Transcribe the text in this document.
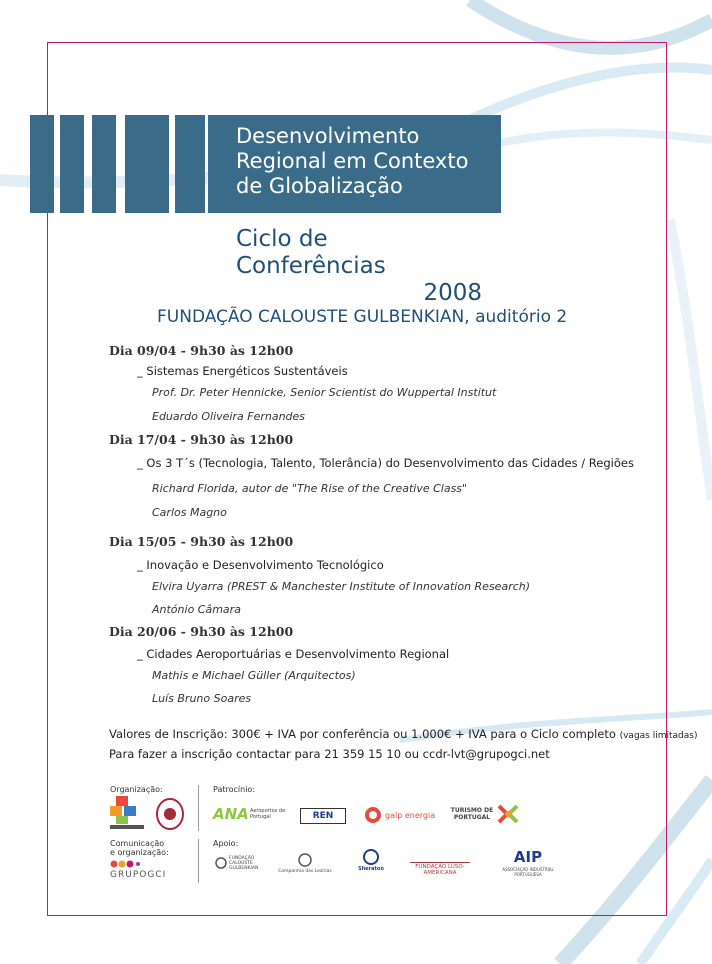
Desenvolvimento
Regional em Contexto
de Globalização
Ciclo de Conferências
2008
FUNDAÇÃO CALOUSTE GULBENKIAN, auditório 2
Dia 09/04 - 9h30 às 12h00
_ Sistemas Energéticos Sustentáveis
Prof. Dr. Peter Hennicke, Senior Scientist do Wuppertal Institut
Eduardo Oliveira Fernandes
Dia 17/04 - 9h30 às 12h00
_ Os 3 T´s (Tecnologia, Talento, Tolerância) do Desenvolvimento das Cidades / Regiões
Richard Florida, autor de "The Rise of the Creative Class"
Carlos Magno
Dia 15/05 - 9h30 às 12h00
_ Inovação e Desenvolvimento Tecnológico
Elvira Uyarra (PREST & Manchester Institute of Innovation Research)
António Câmara
Dia 20/06 - 9h30 às 12h00
_ Cidades Aeroportuárias e Desenvolvimento Regional
Mathis e Michael Güller (Arquitectos)
Luís Bruno Soares
Valores de Inscrição: 300€ + IVA por conferência ou 1.000€ + IVA para o Ciclo completo (vagas limitadas)
Para fazer a inscrição contactar para 21 359 15 10 ou ccdr-lvt@grupogci.net
Organização:	Patrocínio:
Comunicação
e organização:
Apoio:
GRUPOGCI
ANA Aeroportos de Portugal	REN	galp energia
TURISMO DE PORTUGAL
FUNDAÇÃO CALOUSTE GULBENKIAN
Companhia das Lezírias	Sheraton	FUNDAÇÃO LUSO-AMERICANA
AIP
ASSOCIAÇÃO INDUSTRIAL PORTUGUESA
